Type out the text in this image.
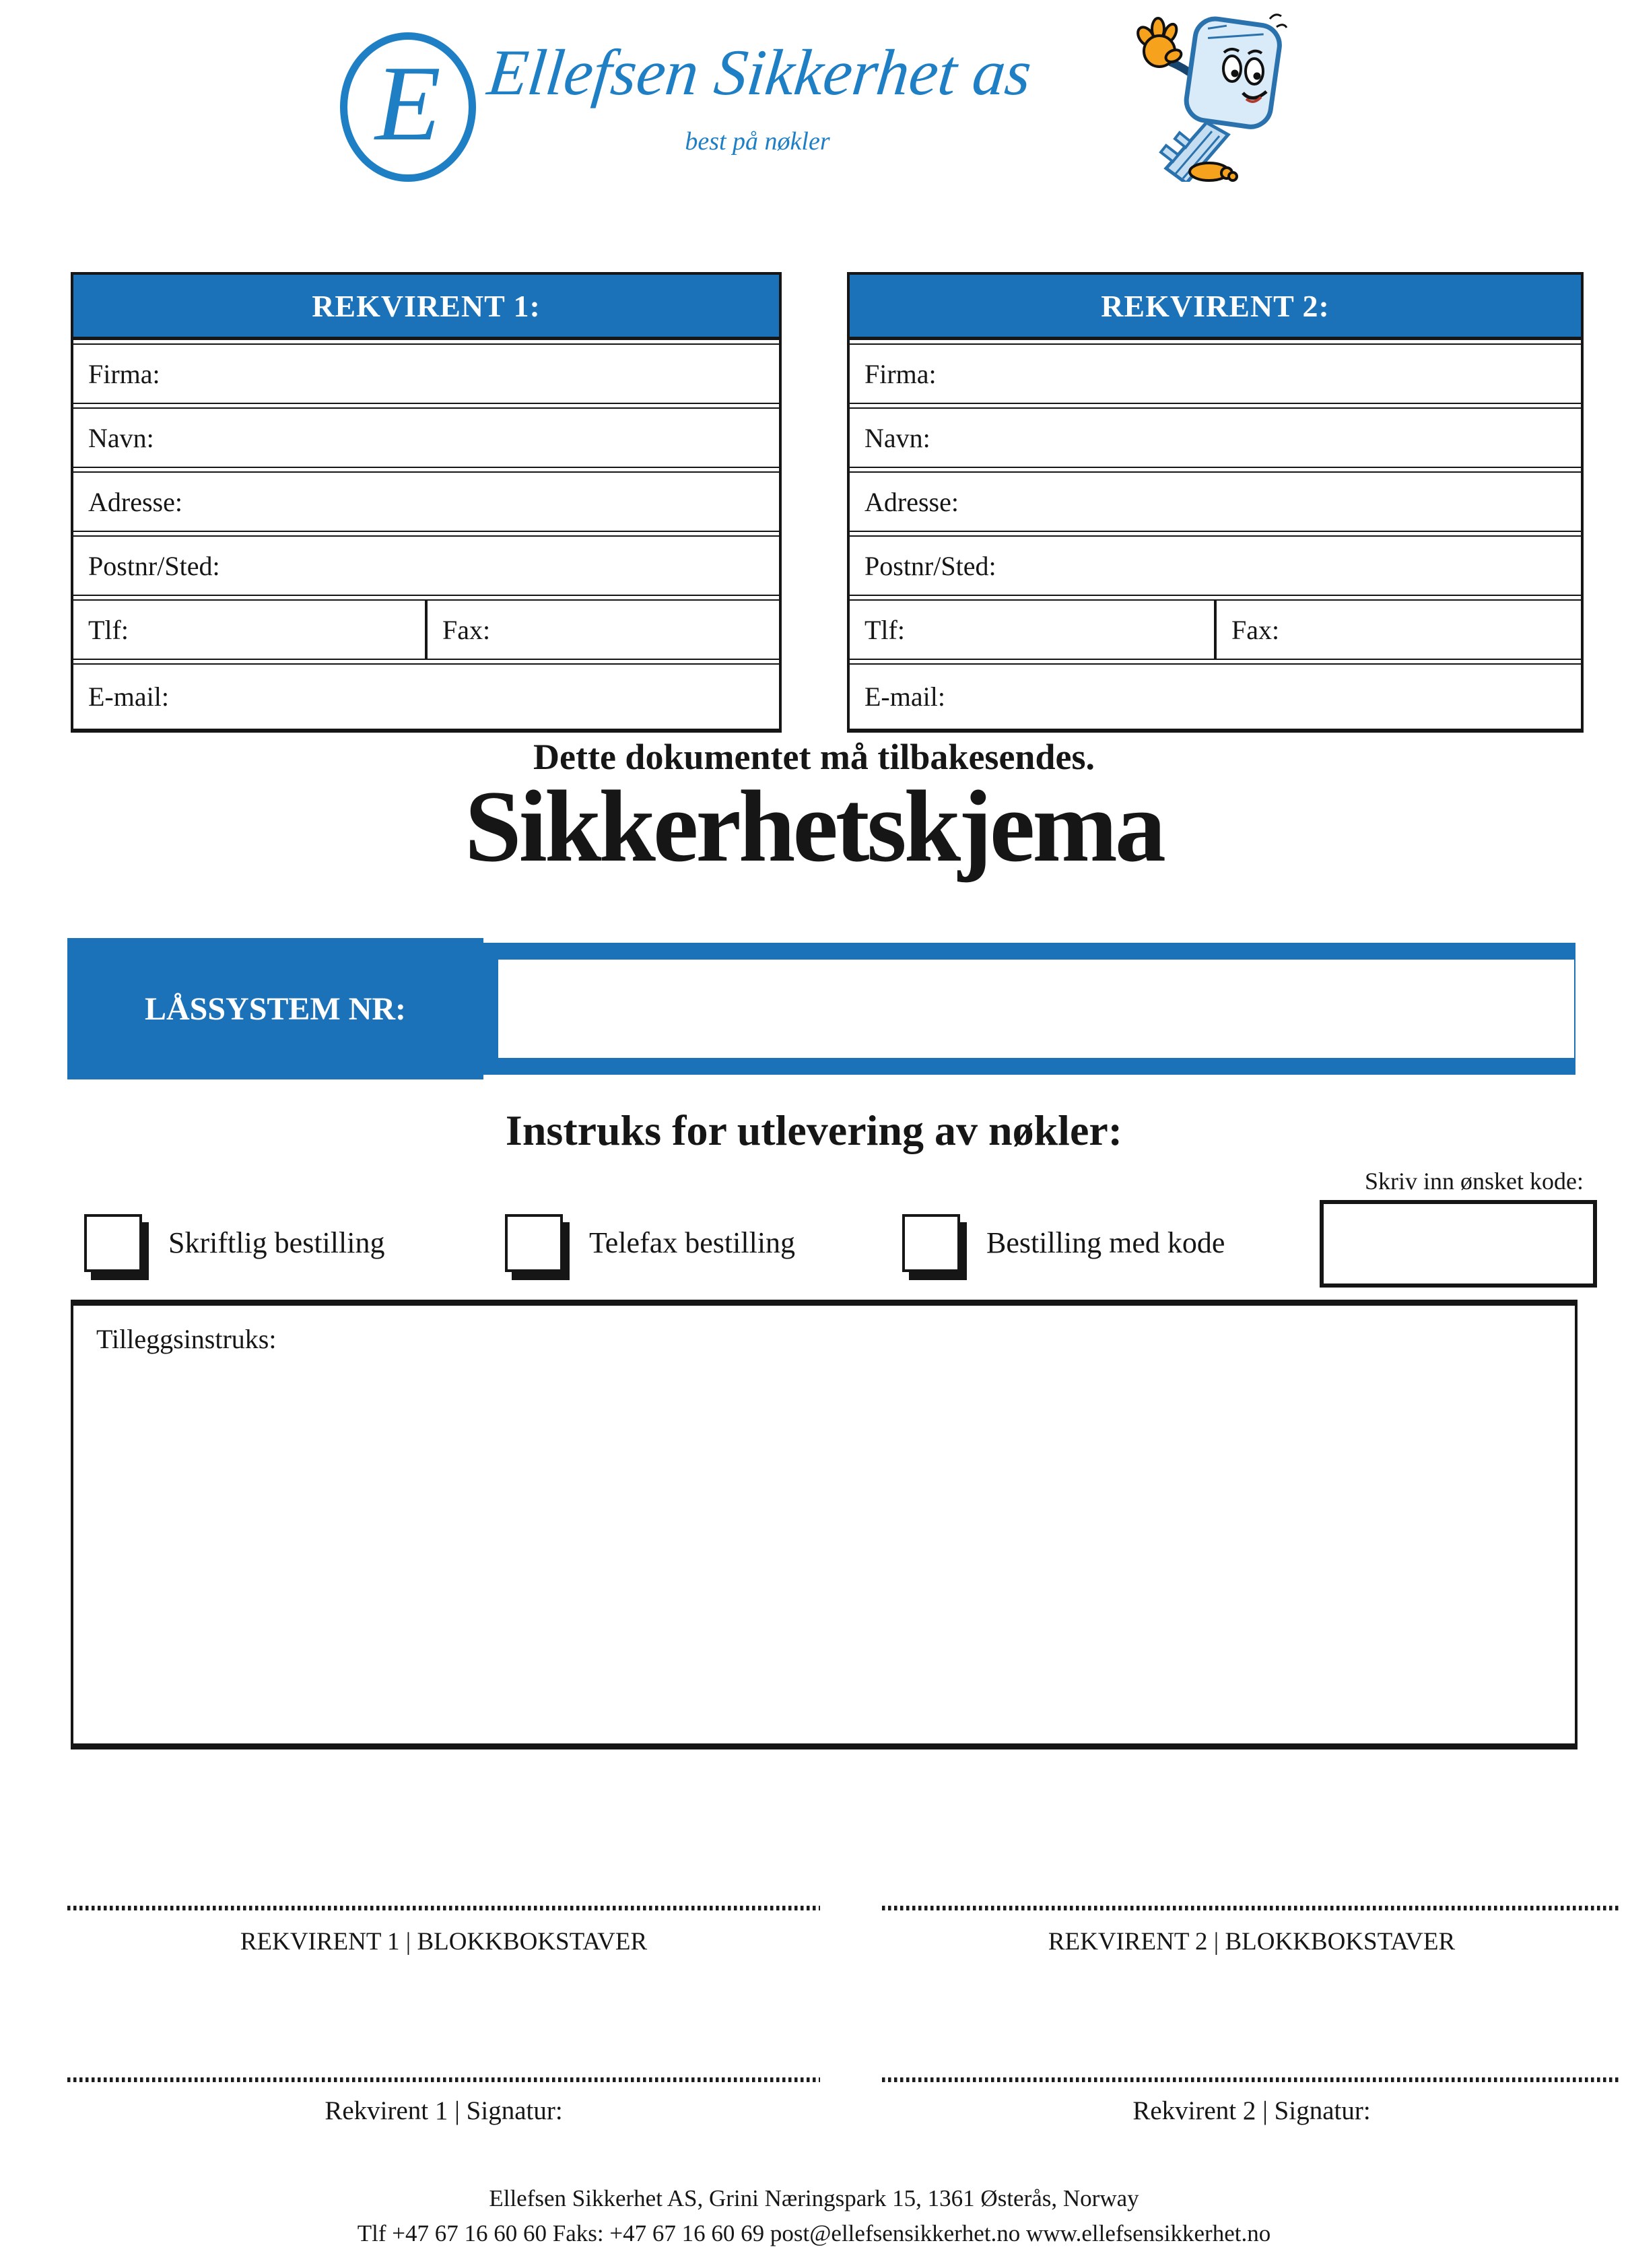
E Ellefsen Sikkerhet as
best på nøkler
REKVIRENT 1:
Firma:
Navn:
Adresse:
Postnr/Sted:
Tlf:	Fax:
E-mail:
REKVIRENT 2:
Firma:
Navn:
Adresse:
Postnr/Sted:
Tlf:	Fax:
E-mail:
Dette dokumentet må tilbakesendes.
Sikkerhetskjema
LÅSSYSTEM NR:
Instruks for utlevering av nøkler:
Skriv inn ønsket kode:
Skriftlig bestilling	Telefax bestilling	Bestilling med kode
Tilleggsinstruks:
REKVIRENT 1 | BLOKKBOKSTAVER	REKVIRENT 2 | BLOKKBOKSTAVER
Rekvirent 1 | Signatur:	Rekvirent 2 | Signatur:
Ellefsen Sikkerhet AS, Grini Næringspark 15, 1361 Østerås, Norway
Tlf +47 67 16 60 60 Faks: +47 67 16 60 69 post@ellefsensikkerhet.no www.ellefsensikkerhet.no
